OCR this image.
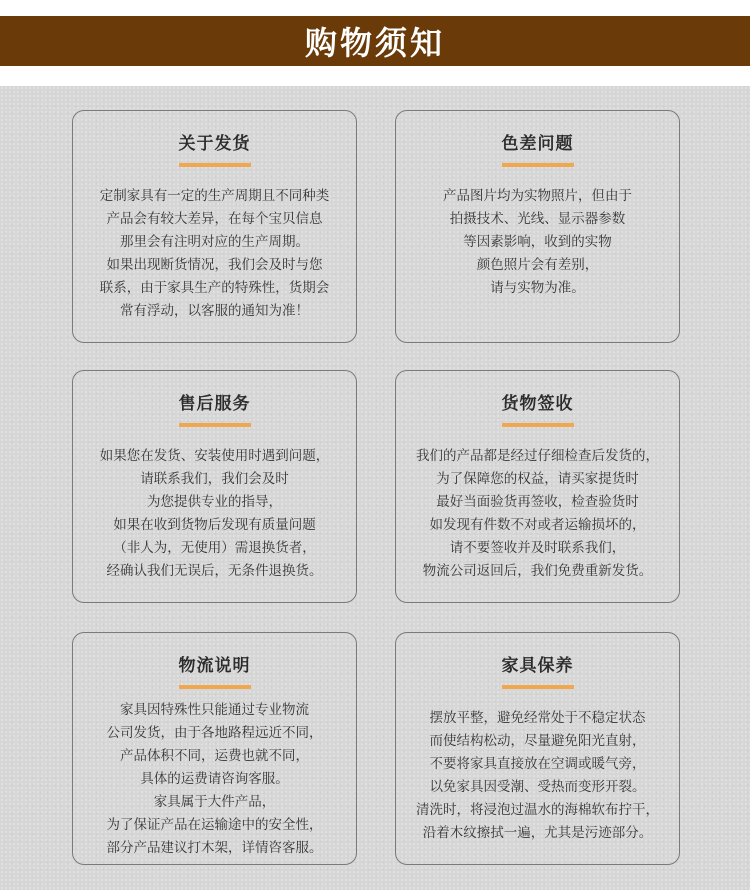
购物须知
关于发货
定制家具有一定的生产周期且不同种类
产品会有较大差异，在每个宝贝信息
那里会有注明对应的生产周期。
如果出现断货情况，我们会及时与您
联系，由于家具生产的特殊性，货期会
常有浮动，以客服的通知为准！
色差问题
产品图片均为实物照片，但由于
拍摄技术、光线、显示器参数
等因素影响，收到的实物
颜色照片会有差别，
请与实物为准。
售后服务
如果您在发货、安装使用时遇到问题，
请联系我们，我们会及时
为您提供专业的指导，
如果在收到货物后发现有质量问题
（非人为，无使用）需退换货者，
经确认我们无误后，无条件退换货。
货物签收
我们的产品都是经过仔细检查后发货的，
为了保障您的权益，请买家提货时
最好当面验货再签收，检查验货时
如发现有件数不对或者运输损坏的，
请不要签收并及时联系我们，
物流公司返回后，我们免费重新发货。
物流说明
家具因特殊性只能通过专业物流
公司发货，由于各地路程远近不同，
产品体积不同，运费也就不同，
具体的运费请咨询客服。
家具属于大件产品，
为了保证产品在运输途中的安全性，
部分产品建议打木架，详情咨客服。
家具保养
摆放平整，避免经常处于不稳定状态
而使结构松动，尽量避免阳光直射，
不要将家具直接放在空调或暖气旁，
以免家具因受潮、受热而变形开裂。
清洗时，将浸泡过温水的海棉软布拧干，
沿着木纹擦拭一遍，尤其是污迹部分。
